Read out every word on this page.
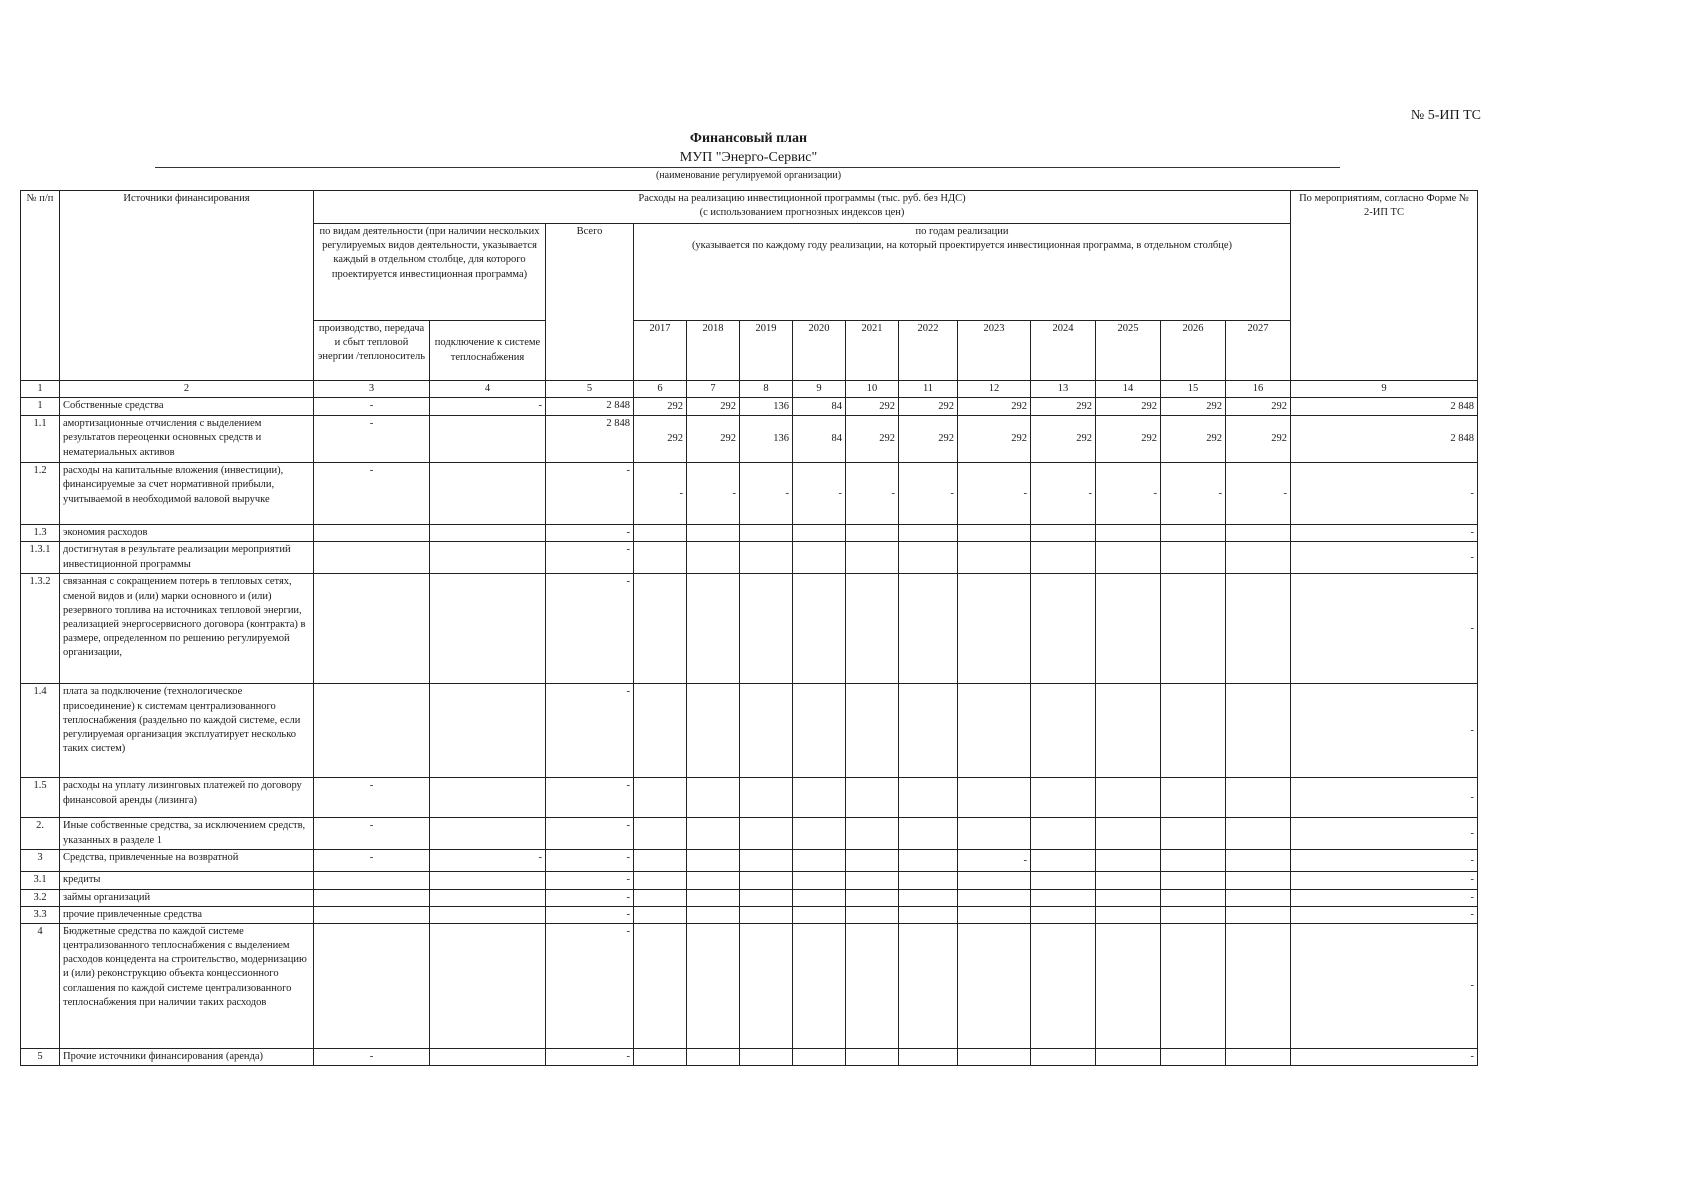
№ 5-ИП ТС
Финансовый план
МУП "Энерго-Сервис"
(наименование регулируемой организации)
№ п/п	Источники финансирования	Расходы на реализацию инвестиционной программы (тыс. руб. без НДС)
(с использованием прогнозных индексов цен)														По мероприятиям, согласно Форме № 2-ИП ТС
		по видам деятельности (при наличии нескольких регулируемых видов деятельности, указывается каждый в отдельном столбце, для которого проектируется инвестиционная программа)		Всего	по годам реализации
(указывается по каждому году реализации, на который проектируется инвестиционная программа, в отдельном столбце)											

		производство, передача и сбыт тепловой энергии /теплоноситель	подключение к системе теплоснабжения		2017	2018	2019	2020	2021	2022	2023	2024	2025	2026	2027	
1	2	3	4	5	6	7	8	9	10	11	12	13	14	15	16	9
1	Собственные средства	-	-	2 848	292	292	136	84	292	292	292	292	292	292	292	2 848
1.1	амортизационные отчисления с выделением результатов переоценки основных средств и нематериальных активов	-		2 848	292	292	136	84	292	292	292	292	292	292	292	2 848
1.2	расходы на капитальные вложения (инвестиции), финансируемые за счет нормативной прибыли, учитываемой в необходимой валовой выручке	-		-	-	-	-	-	-	-	-	-	-	-	-	-
1.3	экономия расходов			-												-
1.3.1	достигнутая в результате реализации мероприятий инвестиционной программы			-												-
1.3.2	связанная с сокращением потерь в тепловых сетях, сменой видов и (или) марки основного и (или) резервного топлива на источниках тепловой энергии, реализацией энергосервисного договора (контракта) в размере, определенном по решению регулируемой организации,			-												-
1.4	плата за подключение (технологическое присоединение) к системам централизованного теплоснабжения (раздельно по каждой системе, если регулируемая организация эксплуатирует несколько таких систем)			-												-
1.5	расходы на уплату лизинговых платежей по договору финансовой аренды (лизинга)	-		-												-
2.	Иные собственные средства, за исключением средств, указанных в разделе 1	-		-												-
3	Средства, привлеченные на возвратной	-	-	-							-					-
3.1	кредиты			-												-
3.2	займы организаций			-												-
3.3	прочие привлеченные средства			-												-
4	Бюджетные средства по каждой системе централизованного теплоснабжения с выделением расходов концедента на строительство, модернизацию и (или) реконструкцию объекта концессионного соглашения по каждой системе централизованного теплоснабжения при наличии таких расходов			-												-
5	Прочие источники финансирования (аренда)	-		-												-
